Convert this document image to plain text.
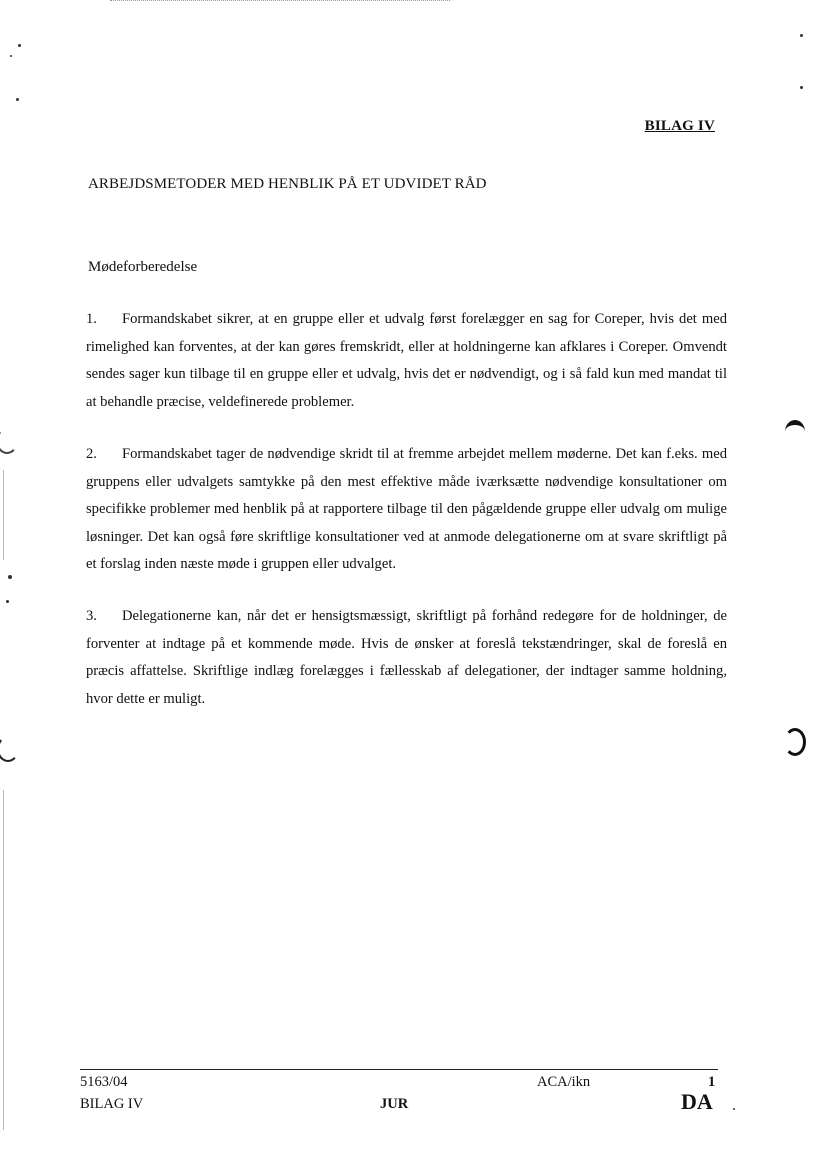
BILAG IV
ARBEJDSMETODER MED HENBLIK PÅ ET UDVIDET RÅD
Mødeforberedelse

1. Formandskabet sikrer, at en gruppe eller et udvalg først forelægger en sag for Coreper, hvis det med rimelighed kan forventes, at der kan gøres fremskridt, eller at holdningerne kan afklares i Coreper. Omvendt sendes sager kun tilbage til en gruppe eller et udvalg, hvis det er nødvendigt, og i så fald kun med mandat til at behandle præcise, veldefinerede problemer.

2. Formandskabet tager de nødvendige skridt til at fremme arbejdet mellem møderne. Det kan f.eks. med gruppens eller udvalgets samtykke på den mest effektive måde iværksætte nødvendige konsultationer om specifikke problemer med henblik på at rapportere tilbage til den pågældende gruppe eller udvalg om mulige løsninger. Det kan også føre skriftlige konsultationer ved at anmode delegationerne om at svare skriftligt på et forslag inden næste møde i gruppen eller udvalget.

3. Delegationerne kan, når det er hensigtsmæssigt, skriftligt på forhånd redegøre for de holdninger, de forventer at indtage på et kommende møde. Hvis de ønsker at foreslå tekstændringer, skal de foreslå en præcis affattelse. Skriftlige indlæg forelægges i fællesskab af delegationer, der indtager samme holdning, hvor dette er muligt.

5163/04
BILAG IV	JUR
ACA/ikn	1
DA
